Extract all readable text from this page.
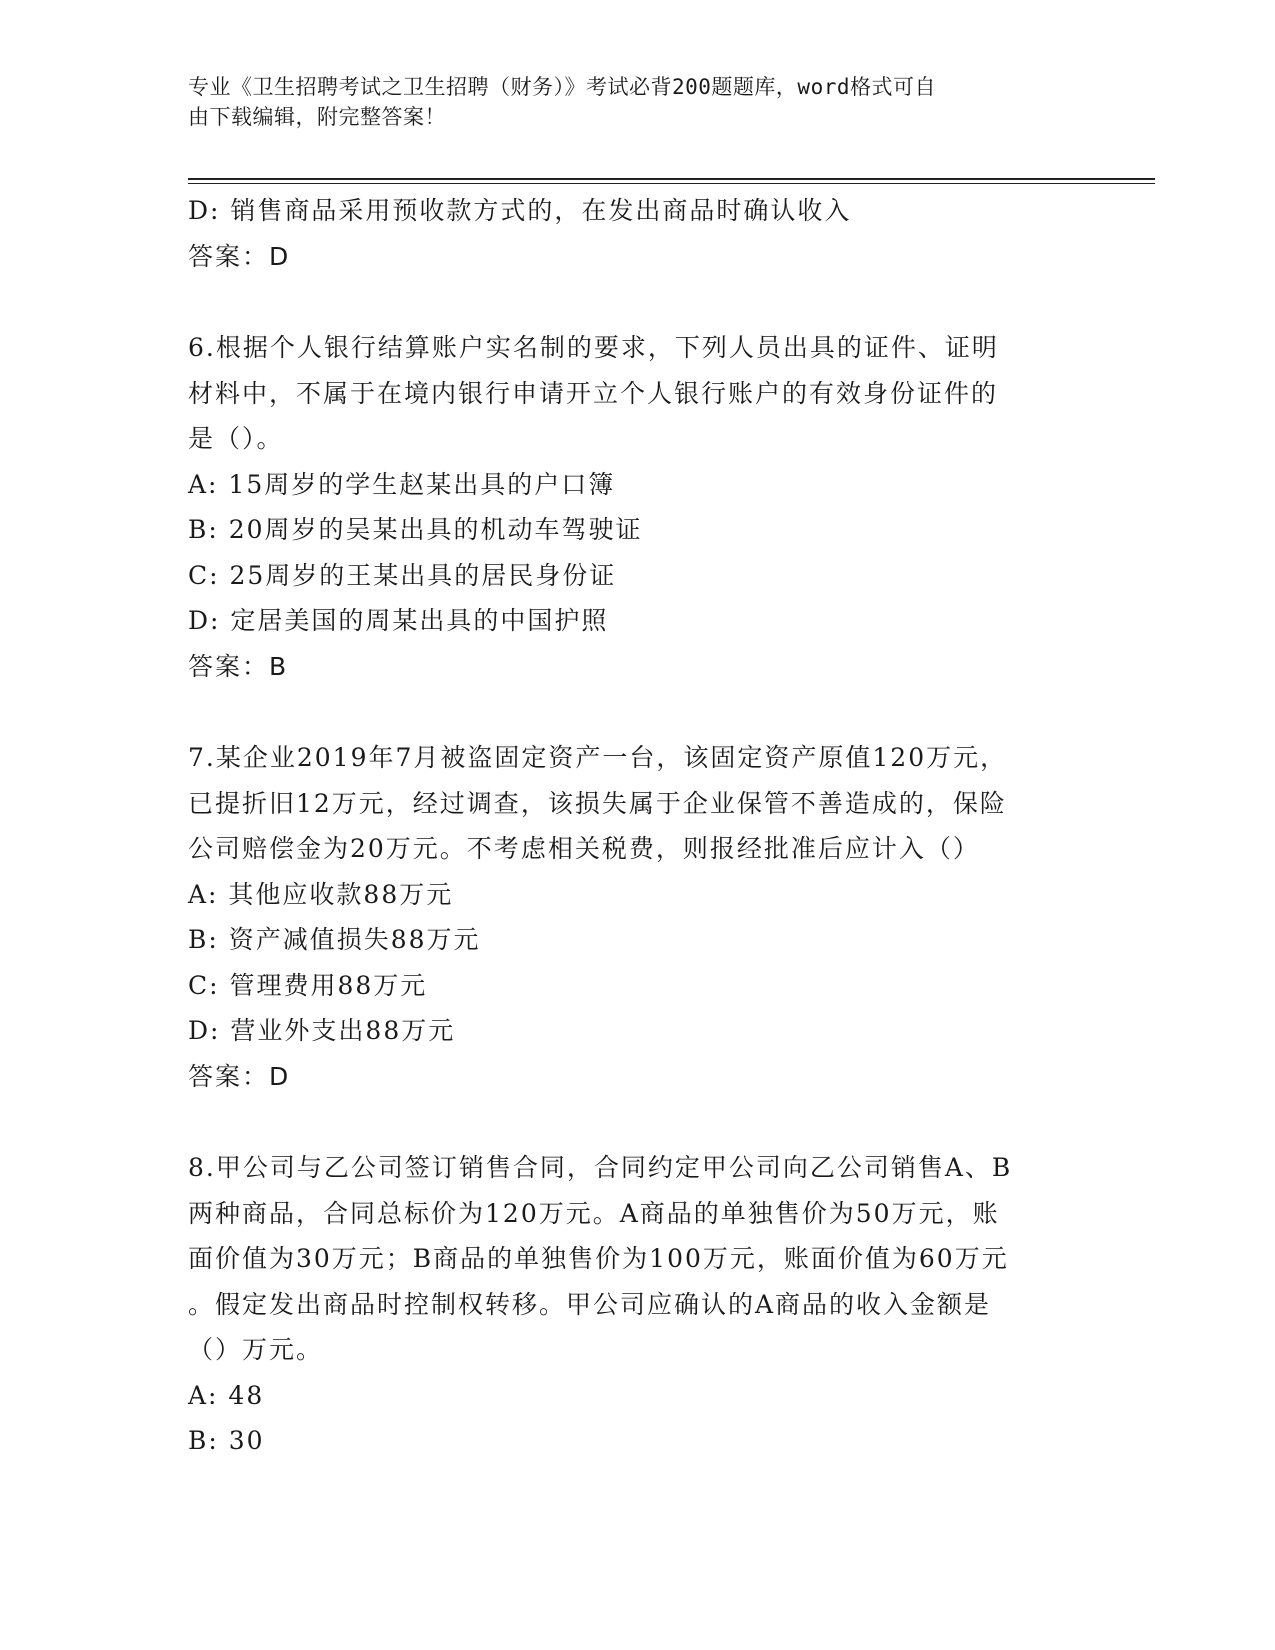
专业《卫生招聘考试之卫生招聘（财务）》考试必背200题题库，word格式可自
由下载编辑，附完整答案！
D: 销售商品采用预收款方式的，在发出商品时确认收入
答案：D
6.根据个人银行结算账户实名制的要求，下列人员出具的证件、证明
材料中，不属于在境内银行申请开立个人银行账户的有效身份证件的
是（）。
A: 15周岁的学生赵某出具的户口簿
B: 20周岁的吴某出具的机动车驾驶证
C: 25周岁的王某出具的居民身份证
D: 定居美国的周某出具的中国护照
答案：B
7.某企业2019年7月被盗固定资产一台，该固定资产原值120万元，
已提折旧12万元，经过调查，该损失属于企业保管不善造成的，保险
公司赔偿金为20万元。不考虑相关税费，则报经批准后应计入（）
A: 其他应收款88万元
B: 资产减值损失88万元
C: 管理费用88万元
D: 营业外支出88万元
答案：D
8.甲公司与乙公司签订销售合同，合同约定甲公司向乙公司销售A、B
两种商品，合同总标价为120万元。A商品的单独售价为50万元，账
面价值为30万元；B商品的单独售价为100万元，账面价值为60万元
。假定发出商品时控制权转移。甲公司应确认的A商品的收入金额是
（）万元。
A: 48
B: 30
